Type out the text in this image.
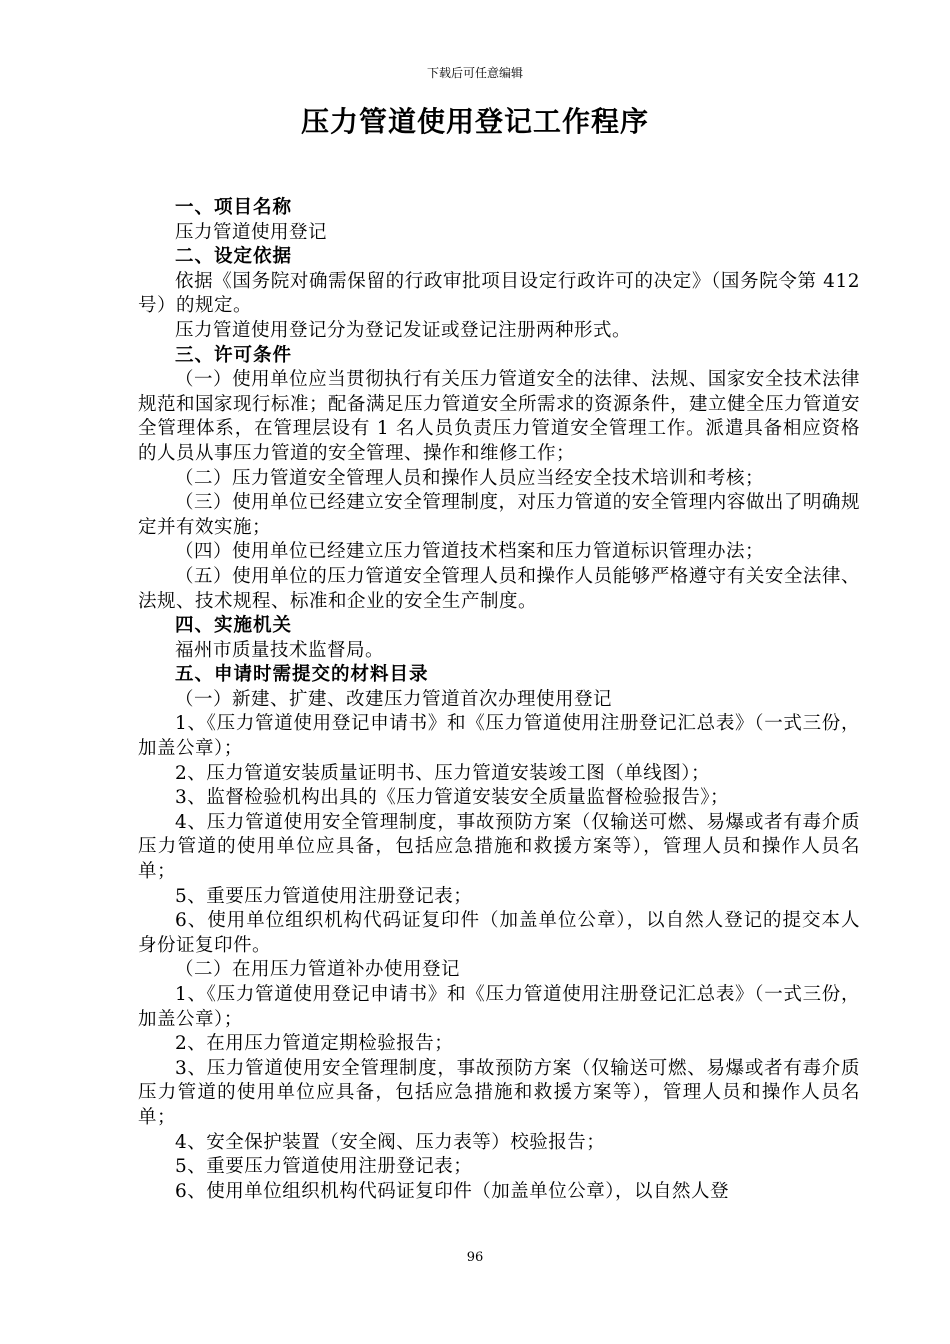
下载后可任意编辑
压力管道使用登记工作程序

一、项目名称

压力管道使用登记

二、设定依据

依据《国务院对确需保留的行政审批项目设定行政许可的决定》（国务院令第 412 号）的规定。

压力管道使用登记分为登记发证或登记注册两种形式。

三、许可条件

（一）使用单位应当贯彻执行有关压力管道安全的法律、法规、国家安全技术法律规范和国家现行标准；配备满足压力管道安全所需求的资源条件，建立健全压力管道安全管理体系，在管理层设有 1 名人员负责压力管道安全管理工作。派遣具备相应资格的人员从事压力管道的安全管理、操作和维修工作；

（二）压力管道安全管理人员和操作人员应当经安全技术培训和考核；

（三）使用单位已经建立安全管理制度，对压力管道的安全管理内容做出了明确规定并有效实施；

（四）使用单位已经建立压力管道技术档案和压力管道标识管理办法；

（五）使用单位的压力管道安全管理人员和操作人员能够严格遵守有关安全法律、法规、技术规程、标准和企业的安全生产制度。

四、实施机关

福州市质量技术监督局。

五、申请时需提交的材料目录

（一）新建、扩建、改建压力管道首次办理使用登记

1、《压力管道使用登记申请书》和《压力管道使用注册登记汇总表》（一式三份，加盖公章）；

2、压力管道安装质量证明书、压力管道安装竣工图（单线图）；

3、监督检验机构出具的《压力管道安装安全质量监督检验报告》；

4、压力管道使用安全管理制度，事故预防方案（仅输送可燃、易爆或者有毒介质压力管道的使用单位应具备，包括应急措施和救援方案等），管理人员和操作人员名单；

5、重要压力管道使用注册登记表；

6、使用单位组织机构代码证复印件（加盖单位公章），以自然人登记的提交本人身份证复印件。

（二）在用压力管道补办使用登记

1、《压力管道使用登记申请书》和《压力管道使用注册登记汇总表》（一式三份，加盖公章）；

2、在用压力管道定期检验报告；

3、压力管道使用安全管理制度，事故预防方案（仅输送可燃、易爆或者有毒介质压力管道的使用单位应具备，包括应急措施和救援方案等），管理人员和操作人员名单；

4、安全保护装置（安全阀、压力表等）校验报告；

5、重要压力管道使用注册登记表；

6、使用单位组织机构代码证复印件（加盖单位公章），以自然人登

96
